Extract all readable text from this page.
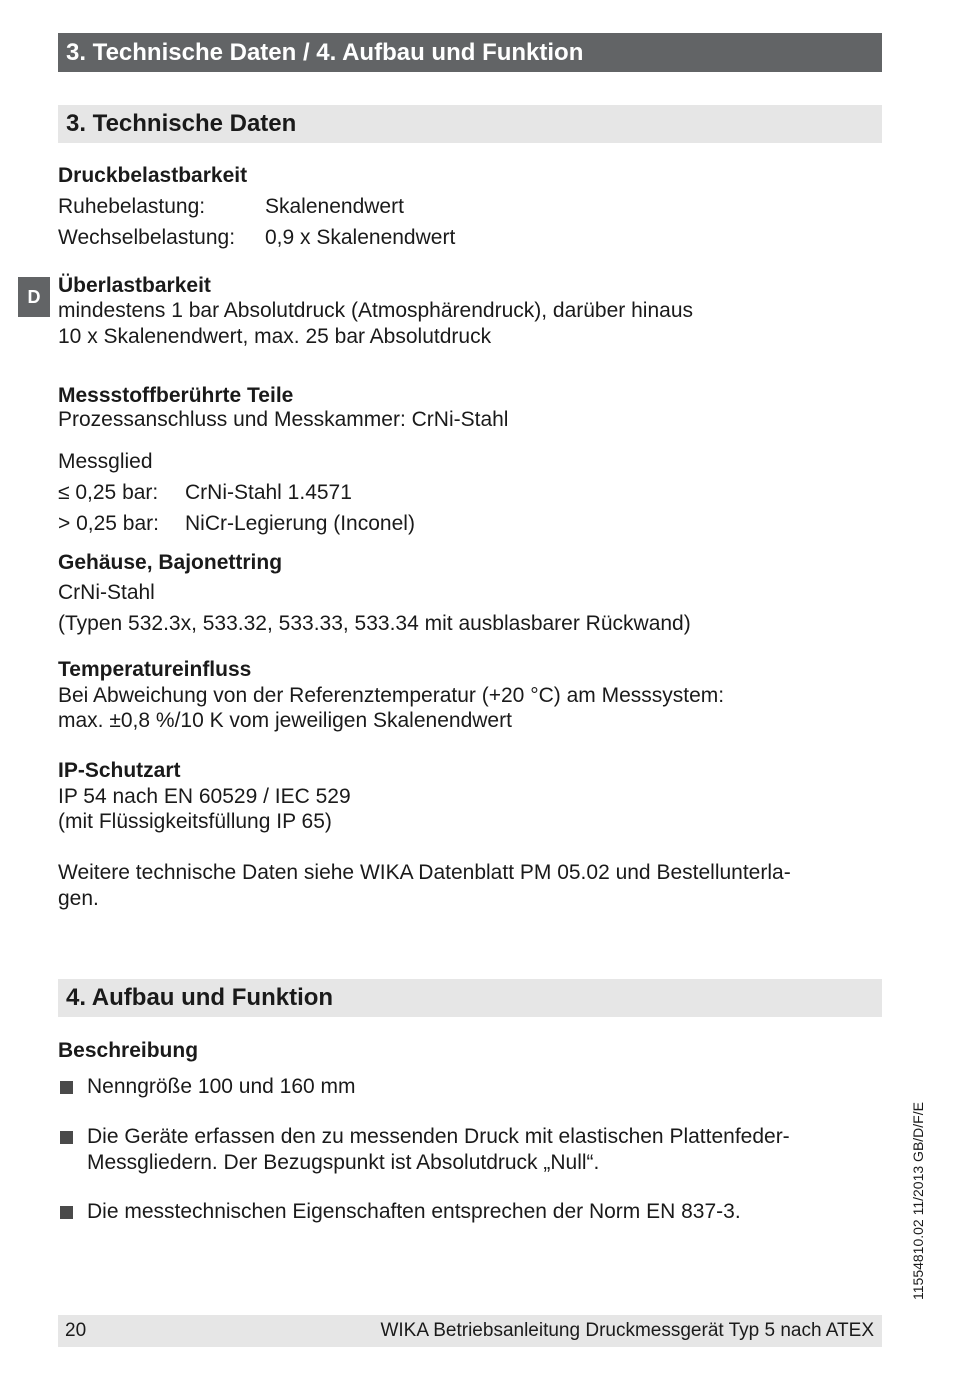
3. Technische Daten / 4. Aufbau und Funktion
3. Technische Daten
D
Druckbelastbarkeit
Ruhebelastung:	Skalenendwert
Wechselbelastung: 0,9 x Skalenendwert
Überlastbarkeit
mindestens 1 bar Absolutdruck (Atmosphärendruck), darüber hinaus
10 x Skalenendwert, max. 25 bar Absolutdruck
Messstoffberührte Teile
Prozessanschluss und Messkammer: CrNi-Stahl
Messglied
≤ 0,25 bar: CrNi-Stahl 1.4571
> 0,25 bar: NiCr-Legierung (Inconel)
Gehäuse, Bajonettring
CrNi-Stahl
(Typen 532.3x, 533.32, 533.33, 533.34 mit ausblasbarer Rückwand)
Temperatureinfluss
Bei Abweichung von der Referenztemperatur (+20 °C) am Messsystem:
max. ±0,8 %/10 K vom jeweiligen Skalenendwert
IP-Schutzart
IP 54 nach EN 60529 / IEC 529
(mit Flüssigkeitsfüllung IP 65)
Weitere technische Daten siehe WIKA Datenblatt PM 05.02 und Bestellunterla-
gen.
4. Aufbau und Funktion
Beschreibung
Nenngröße 100 und 160 mm
Die Geräte erfassen den zu messenden Druck mit elastischen Plattenfeder-
Messgliedern. Der Bezugspunkt ist Absolutdruck „Null“.
Die messtechnischen Eigenschaften entsprechen der Norm EN 837-3.	11554810.02 11/2013 GB/D/F/E
20	WIKA Betriebsanleitung Druckmessgerät Typ 5 nach ATEX
